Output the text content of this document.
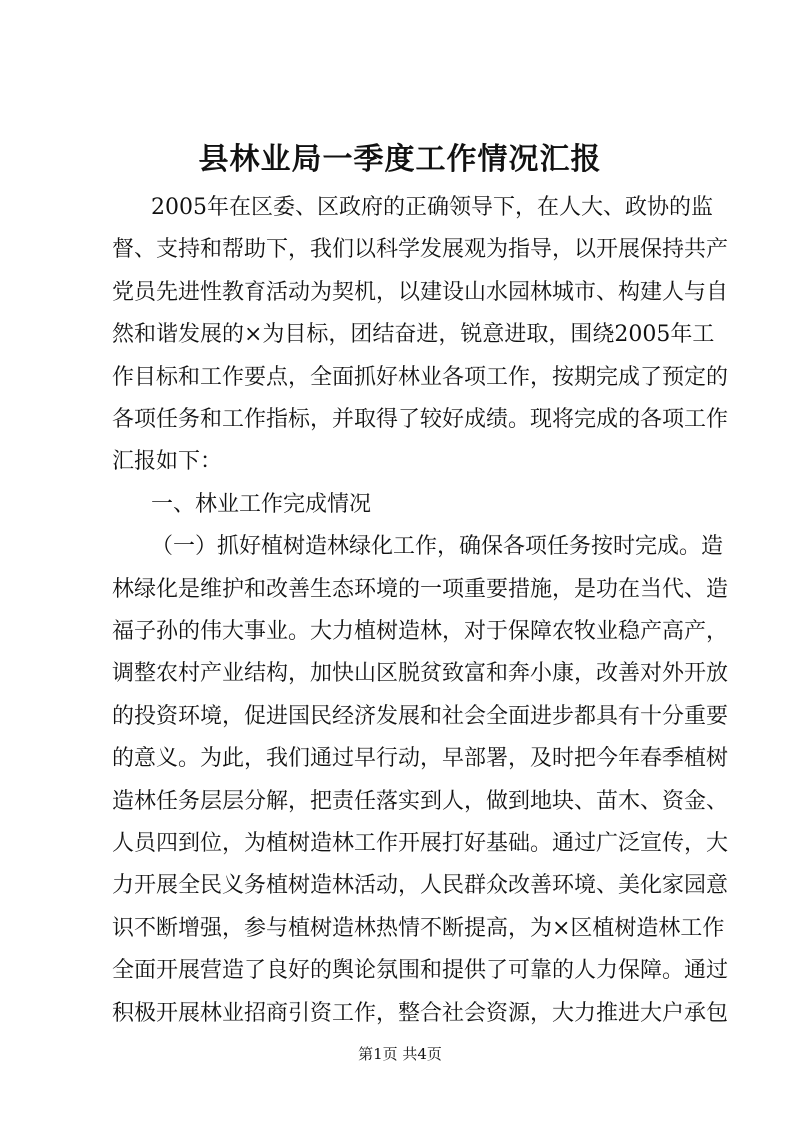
县林业局一季度工作情况汇报
2005年在区委、区政府的正确领导下，在人大、政协的监
督、支持和帮助下，我们以科学发展观为指导，以开展保持共产
党员先进性教育活动为契机，以建设山水园林城市、构建人与自
然和谐发展的×为目标，团结奋进，锐意进取，围绕2005年工
作目标和工作要点，全面抓好林业各项工作，按期完成了预定的
各项任务和工作指标，并取得了较好成绩。现将完成的各项工作
汇报如下：
一、林业工作完成情况
（一）抓好植树造林绿化工作，确保各项任务按时完成。造
林绿化是维护和改善生态环境的一项重要措施，是功在当代、造
福子孙的伟大事业。大力植树造林，对于保障农牧业稳产高产，
调整农村产业结构，加快山区脱贫致富和奔小康，改善对外开放
的投资环境，促进国民经济发展和社会全面进步都具有十分重要
的意义。为此，我们通过早行动，早部署，及时把今年春季植树
造林任务层层分解，把责任落实到人，做到地块、苗木、资金、
人员四到位，为植树造林工作开展打好基础。通过广泛宣传，大
力开展全民义务植树造林活动，人民群众改善环境、美化家园意
识不断增强，参与植树造林热情不断提高，为×区植树造林工作
全面开展营造了良好的舆论氛围和提供了可靠的人力保障。通过
第1页 共4页
积极开展林业招商引资工作，整合社会资源，大力推进大户承包
